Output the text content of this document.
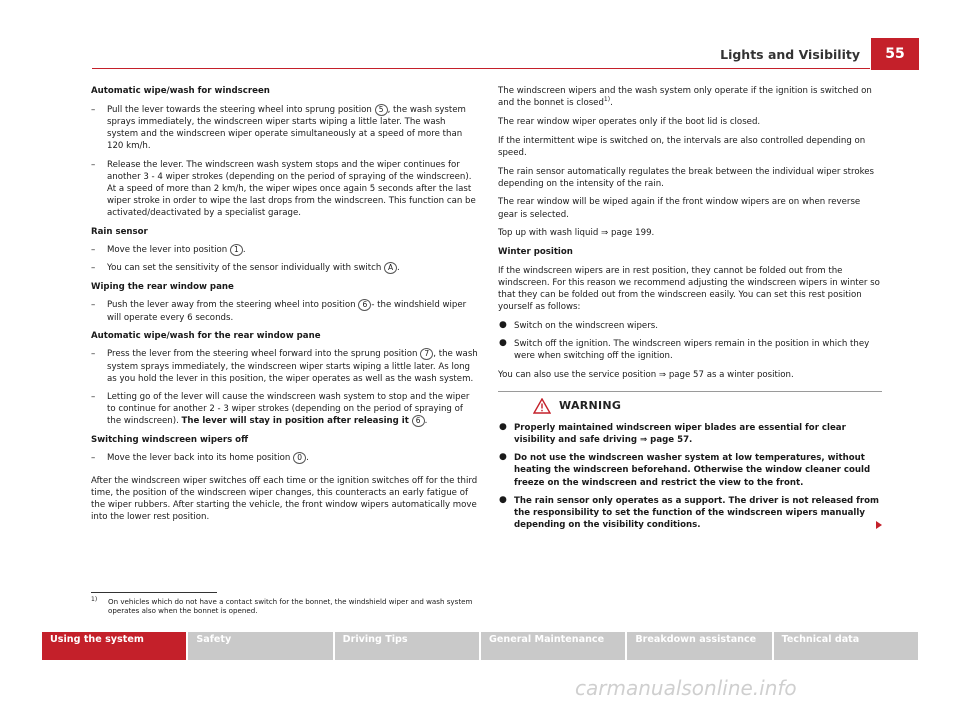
Lights and Visibility	55

Automatic wipe/wash for windscreen

– Pull the lever towards the steering wheel into sprung position 5 , the wash system sprays immediately, the windscreen wiper starts wiping a little later. The wash system and the windscreen wiper operate simultaneously at a speed of more than 120 km/h.
– Release the lever. The windscreen wash system stops and the wiper continues for another 3 - 4 wiper strokes (depending on the period of spraying of the windscreen). At a speed of more than 2 km/h, the wiper wipes once again 5 seconds after the last wiper stroke in order to wipe the last drops from the windscreen. This function can be activated/deactivated by a specialist garage.

Rain sensor

– Move the lever into position 1 .
– You can set the sensitivity of the sensor individually with switch A .

Wiping the rear window pane

– Push the lever away from the steering wheel into position 6 - the windshield wiper will operate every 6 seconds.

Automatic wipe/wash for the rear window pane

– Press the lever from the steering wheel forward into the sprung position 7 , the wash system sprays immediately, the windscreen wiper starts wiping a little later. As long as you hold the lever in this position, the wiper operates as well as the wash system.
– Letting go of the lever will cause the windscreen wash system to stop and the wiper to continue for another 2 - 3 wiper strokes (depending on the period of spraying of the windscreen). The lever will stay in position after releasing it 6 .

Switching windscreen wipers off

– Move the lever back into its home position 0 .

After the windscreen wiper switches off each time or the ignition switches off for the third time, the position of the windscreen wiper changes, this counteracts an early fatigue of the wiper rubbers. After starting the vehicle, the front window wipers automatically move into the lower rest position.

The windscreen wipers and the wash system only operate if the ignition is switched on and the bonnet is closed$^{1)}$.

The rear window wiper operates only if the boot lid is closed.

If the intermittent wipe is switched on, the intervals are also controlled depending on speed.

The rain sensor automatically regulates the break between the individual wiper strokes depending on the intensity of the rain.

The rear window will be wiped again if the front window wipers are on when reverse gear is selected.

Top up with wash liquid ⇒ page 199.

Winter position

If the windscreen wipers are in rest position, they cannot be folded out from the windscreen. For this reason we recommend adjusting the windscreen wipers in winter so that they can be folded out from the windscreen easily. You can set this rest position yourself as follows:

● Switch on the windscreen wipers.
● Switch off the ignition. The windscreen wipers remain in the position in which they were when switching off the ignition.

You can also use the service position ⇒ page 57 as a winter position.

WARNING
● Properly maintained windscreen wiper blades are essential for clear visibility and safe driving ⇒ page 57.
● Do not use the windscreen washer system at low temperatures, without heating the windscreen beforehand. Otherwise the window cleaner could freeze on the windscreen and restrict the view to the front.
● The rain sensor only operates as a support. The driver is not released from the responsibility to set the function of the windscreen wipers manually depending on the visibility conditions.
1)	On vehicles which do not have a contact switch for the bonnet, the windshield wiper and wash system operates also when the bonnet is opened.
Using the system	Safety	Driving Tips	General Maintenance	Breakdown assistance	Technical data
carmanualsonline.info
